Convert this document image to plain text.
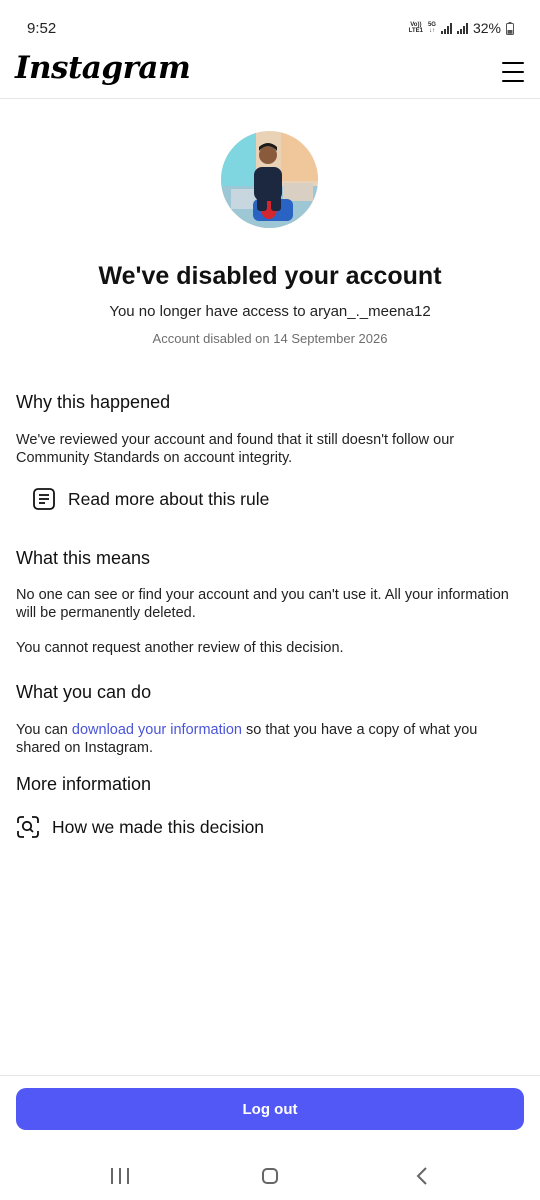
9:52	Vo))
LTE1
5G
↓↑	32%
Instagram
We've disabled your account
You no longer have access to aryan_._meena12
Account disabled on 14 September 2026
Why this happened
We've reviewed your account and found that it still doesn't follow our Community Standards on account integrity.
Read more about this rule
What this means
No one can see or find your account and you can't use it. All your information will be permanently deleted.
You cannot request another review of this decision.
What you can do
You can download your information so that you have a copy of what you shared on Instagram.
More information
How we made this decision
Log out
